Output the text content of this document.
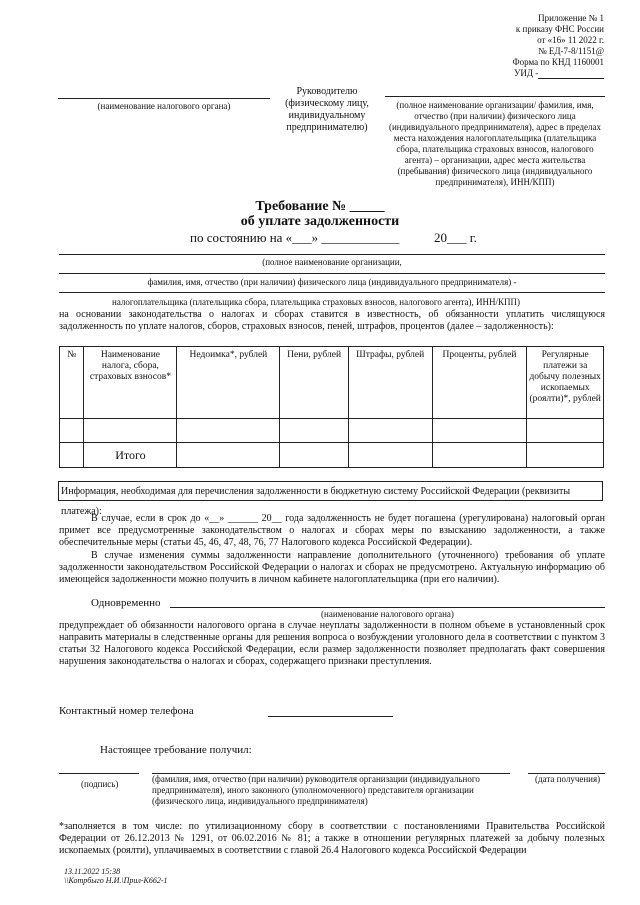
Приложение № 1
к приказу ФНС России
от «16» 11 2022 г.
№ ЕД-7-8/1151@
Форма по КНД 1160001
УИД -
(наименование налогового органа)
Руководителю (физическому лицу, индивидуальному предпринимателю)
(полное наименование организации/ фамилия, имя, отчество (при наличии) физического лица (индивидуального предпринимателя), адрес в пределах места нахождения налогоплательщика (плательщика сбора, плательщика страховых взносов, налогового агента) – организации, адрес места жительства (пребывания) физического лица (индивидуального предпринимателя), ИНН/КПП)
Требование № _____
об уплате задолженности
по состоянию на «___» ____________	20___ г.
(полное наименование организации,
фамилия, имя, отчество (при наличии) физического лица (индивидуального предпринимателя) -
налогоплательщика (плательщика сбора, плательщика страховых взносов, налогового агента), ИНН/КПП)
на основании законодательства о налогах и сборах ставится в известность, об обязанности уплатить числящуюся задолженность по уплате налогов, сборов, страховых взносов, пеней, штрафов, процентов (далее – задолженность):
№	Наименование налога, сбора, страховых взносов*	Недоимка*, рублей	Пени, рублей	Штрафы, рублей	Проценты, рублей	Регулярные платежи за добычу полезных ископаемых (роялти)*, рублей

	Итого					
Информация, необходимая для перечисления задолженности в бюджетную систему Российской Федерации (реквизиты платежа):
В случае, если в срок до «__» ______ 20__ года задолженность не будет погашена (урегулирована) налоговый орган примет все предусмотренные законодательством о налогах и сборах меры по взысканию задолженности, а также обеспечительные меры (статьи 45, 46, 47, 48, 76, 77 Налогового кодекса Российской Федерации).
В случае изменения суммы задолженности направление дополнительного (уточненного) требования об уплате задолженности законодательством Российской Федерации о налогах и сборах не предусмотрено. Актуальную информацию об имеющейся задолженности можно получить в личном кабинете налогоплательщика (при его наличии).
Одновременно
(наименование налогового органа)
предупреждает об обязанности налогового органа в случае неуплаты задолженности в полном объеме в установленный срок направить материалы в следственные органы для решения вопроса о возбуждении уголовного дела в соответствии с пунктом 3 статьи 32 Налогового кодекса Российской Федерации, если размер задолженности позволяет предполагать факт совершения нарушения законодательства о налогах и сборах, содержащего признаки преступления.
Контактный номер телефона
Настоящее требование получил:
(подпись)	(фамилия, имя, отчество (при наличии) руководителя организации (индивидуального предпринимателя), иного законного (уполномоченного) представителя организации (физического лица, индивидуального предпринимателя)
(дата получения)
*заполняется в том числе: по утилизационному сбору в соответствии с постановлениями Правительства Российской Федерации от 26.12.2013 № 1291, от 06.02.2016 № 81; а также в отношении регулярных платежей за добычу полезных ископаемых (роялти), уплачиваемых в соответствии с главой 26.4 Налогового кодекса Российской Федерации
13.11.2022 15:38
\\Котрбыго Н.И.\Прил-К662-1
